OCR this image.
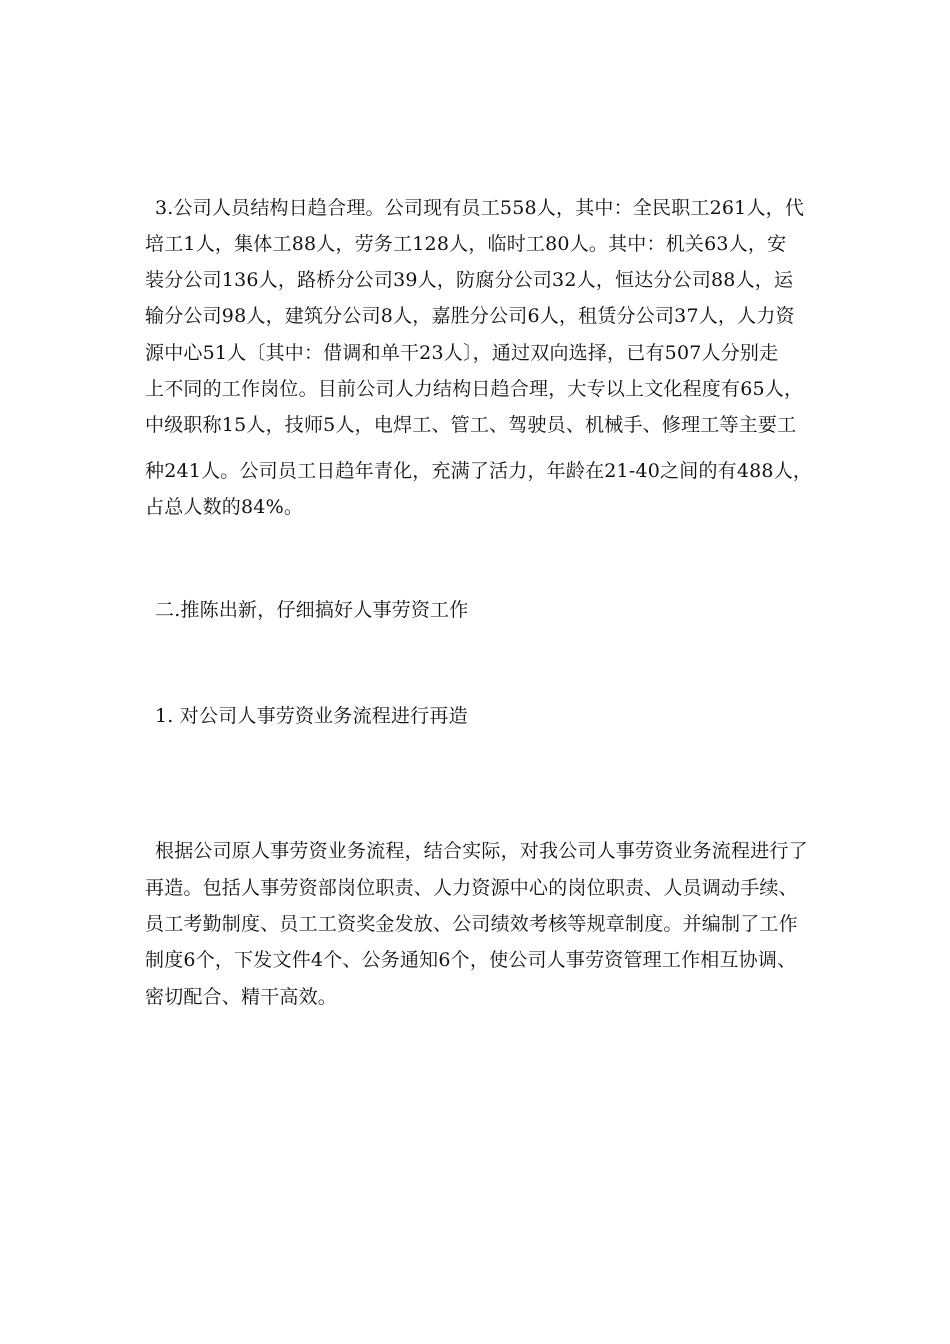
3.公司人员结构日趋合理。公司现有员工558人，其中：全民职工261人，代
培工1人，集体工88人，劳务工128人，临时工80人。其中：机关63人，安
装分公司136人，路桥分公司39人，防腐分公司32人，恒达分公司88人，运
输分公司98人，建筑分公司8人，嘉胜分公司6人，租赁分公司37人，人力资
源中心51人〔其中：借调和单干23人〕，通过双向选择，已有507人分别走
上不同的工作岗位。目前公司人力结构日趋合理，大专以上文化程度有65人，
中级职称15人，技师5人，电焊工、管工、驾驶员、机械手、修理工等主要工
种241人。公司员工日趋年青化，充满了活力，年龄在21-40之间的有488人，
占总人数的84%。
二.推陈出新，仔细搞好人事劳资工作
1. 对公司人事劳资业务流程进行再造
根据公司原人事劳资业务流程，结合实际，对我公司人事劳资业务流程进行了
再造。包括人事劳资部岗位职责、人力资源中心的岗位职责、人员调动手续、
员工考勤制度、员工工资奖金发放、公司绩效考核等规章制度。并编制了工作
制度6个，下发文件4个、公务通知6个，使公司人事劳资管理工作相互协调、
密切配合、精干高效。
